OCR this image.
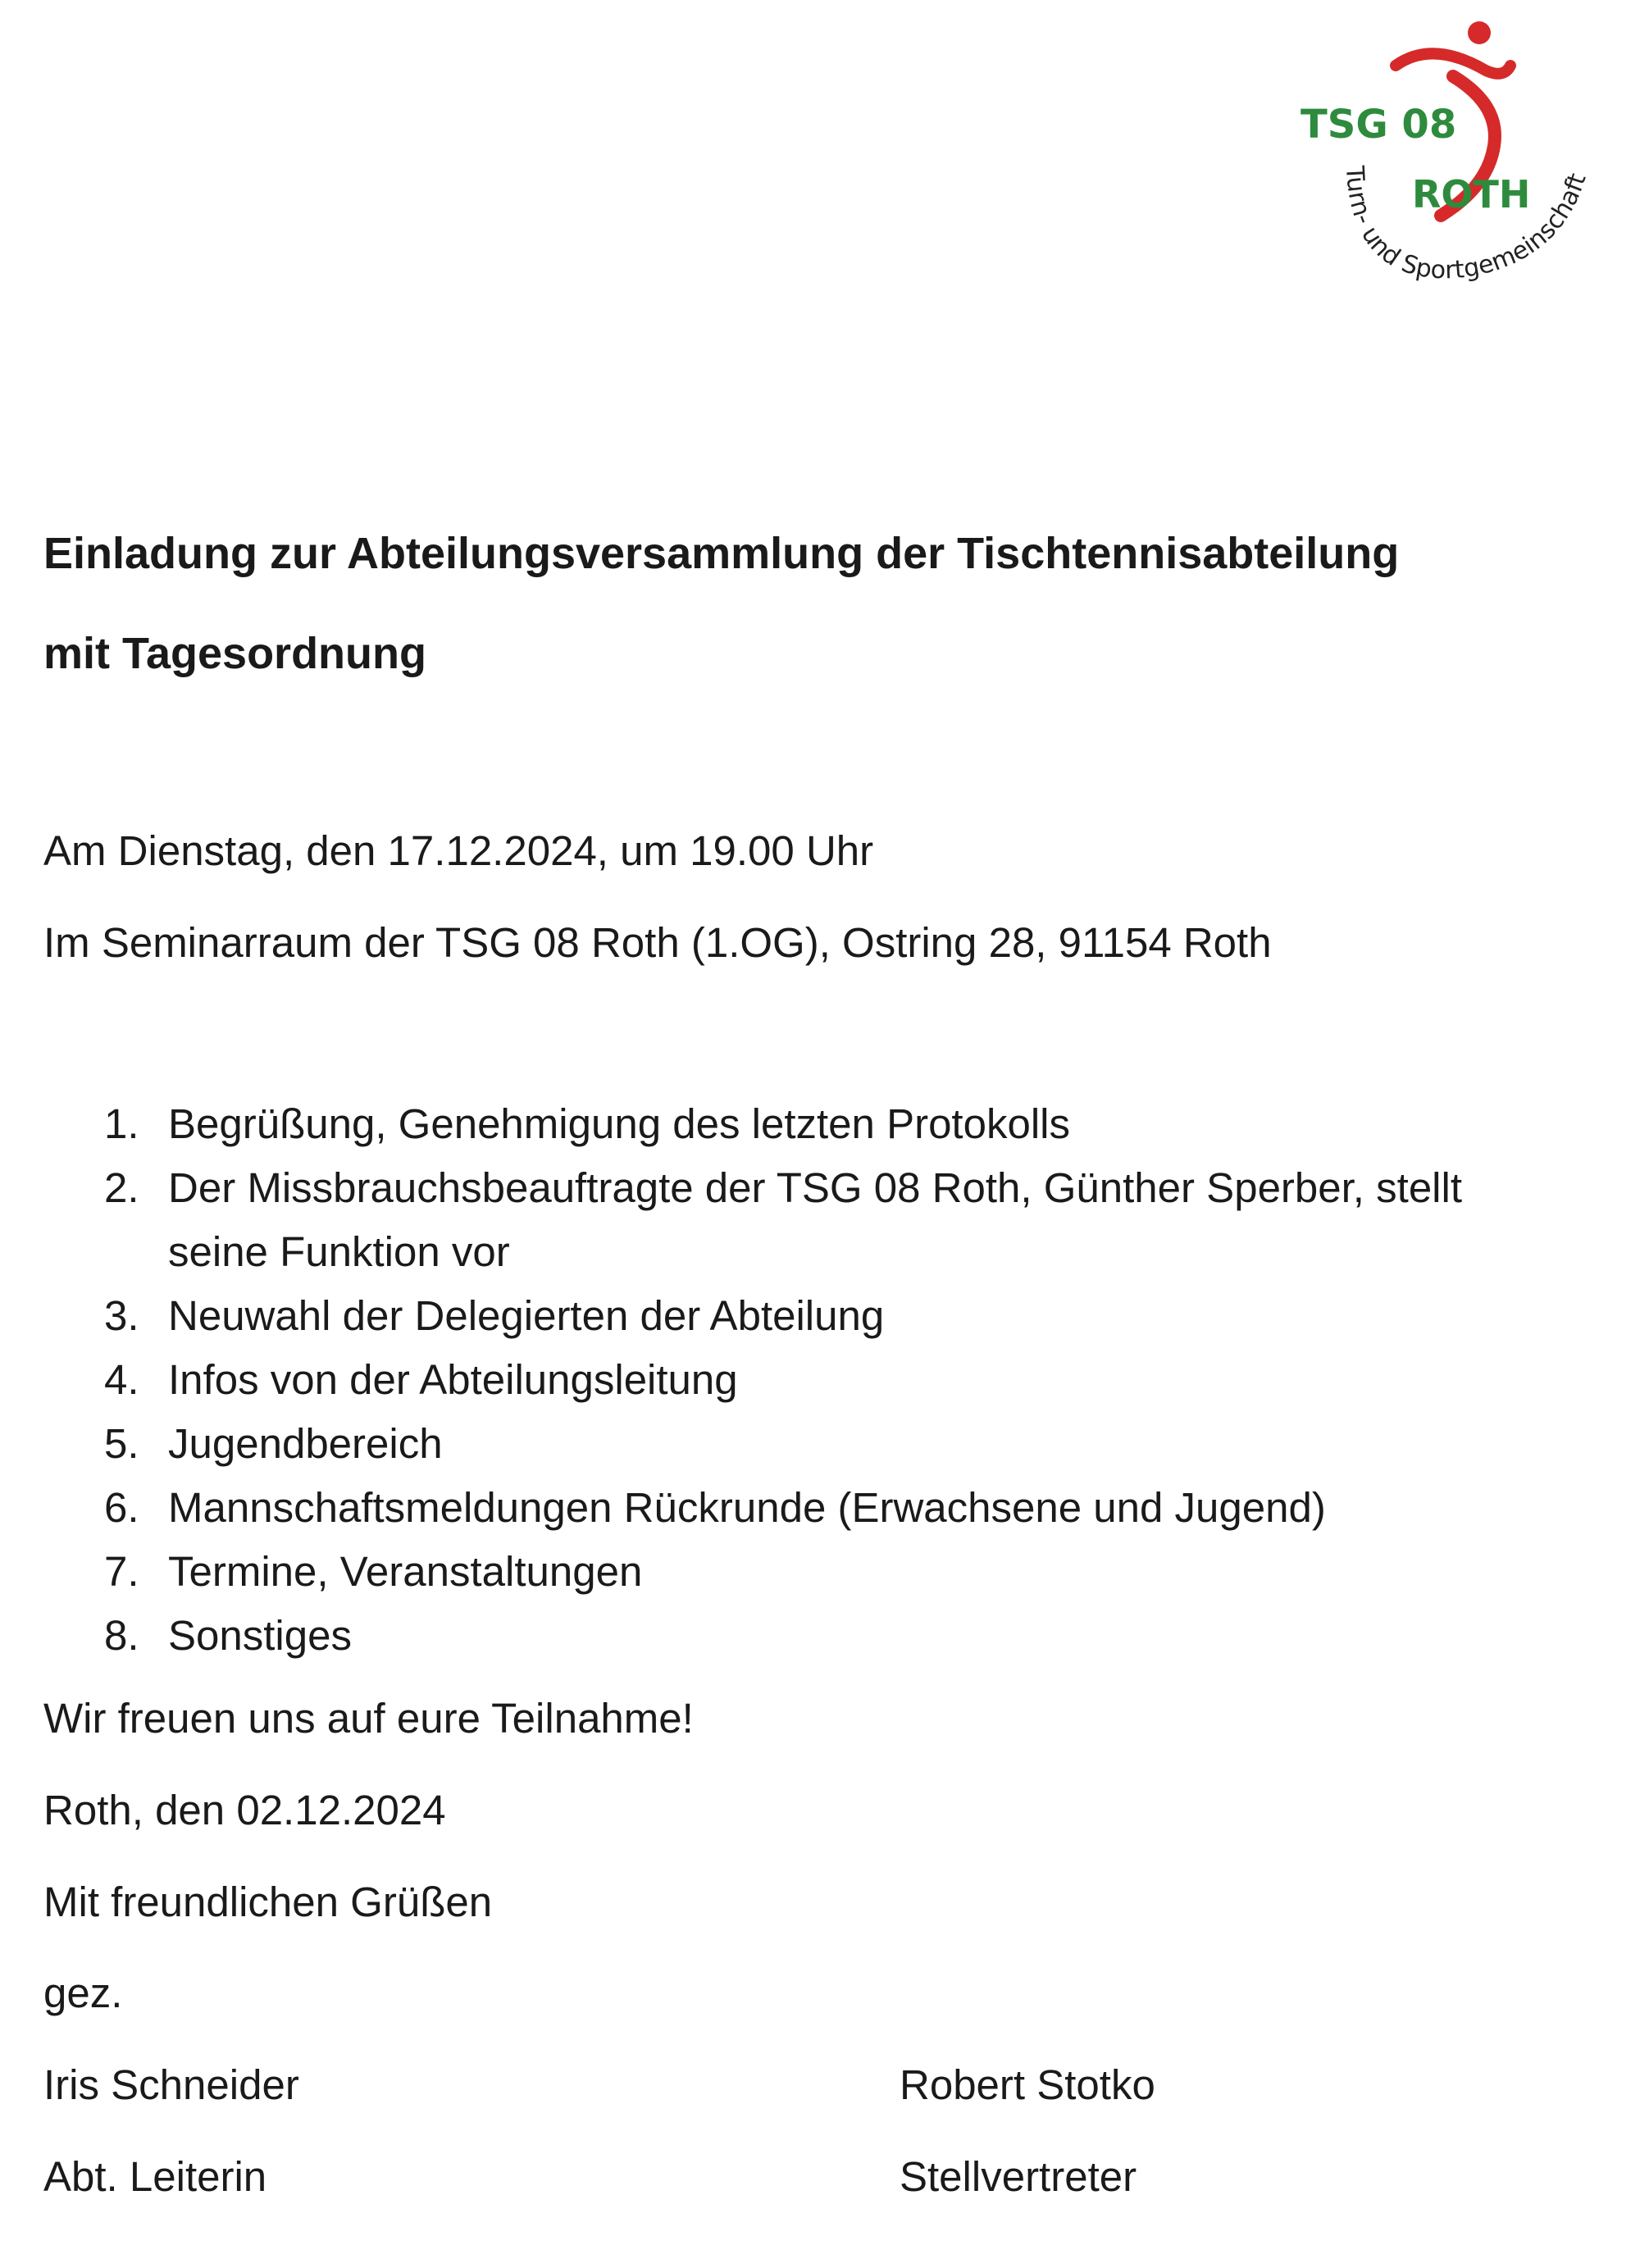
TSG 08
ROTH
Turn- und Sportgemeinschaft
Einladung zur Abteilungsversammlung der Tischtennisabteilung
mit Tagesordnung
Am Dienstag, den 17.12.2024, um 19.00 Uhr
Im Seminarraum der TSG 08 Roth (1.OG), Ostring 28, 91154 Roth
1. Begrüßung, Genehmigung des letzten Protokolls
2. Der Missbrauchsbeauftragte der TSG 08 Roth, Günther Sperber, stellt seine Funktion vor
3. Neuwahl der Delegierten der Abteilung
4. Infos von der Abteilungsleitung
5. Jugendbereich
6. Mannschaftsmeldungen Rückrunde (Erwachsene und Jugend)
7. Termine, Veranstaltungen
8. Sonstiges
Wir freuen uns auf eure Teilnahme!
Roth, den 02.12.2024
Mit freundlichen Grüßen
gez.
Iris Schneider
Abt. Leiterin
Robert Stotko
Stellvertreter
